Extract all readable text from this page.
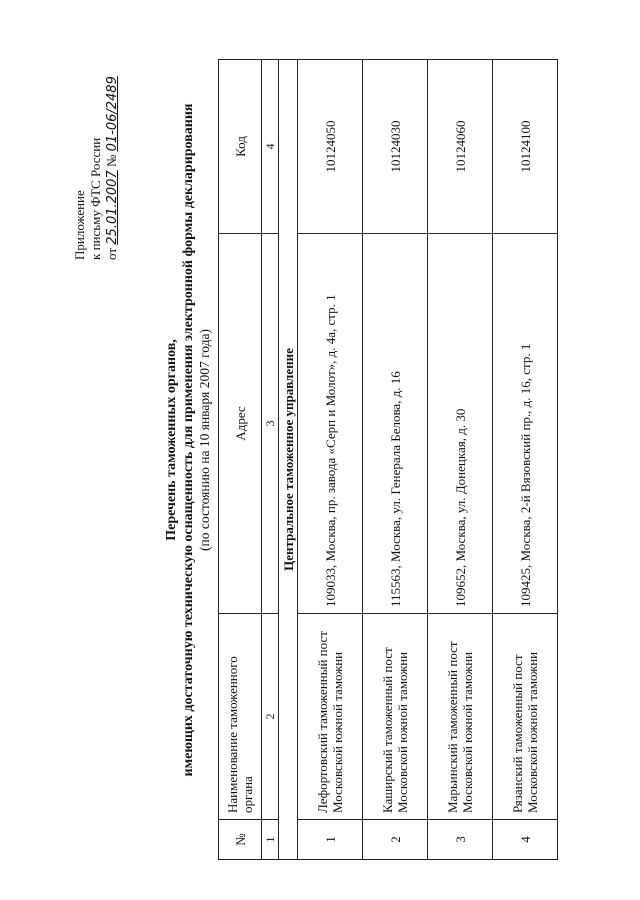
Приложение к письму ФТС России от 25.01.2007 № 01-06/2489
Перечень таможенных органов, имеющих достаточную техническую оснащенность для применения электронной формы декларирования (по состоянию на 10 января 2007 года)
№	Наименование таможенного органа	Адрес	Код
1	2	3	4
Центральное таможенное управление			
1	Лефортовский таможенный пост Московской южной таможни	109033, Москва, пр. завода «Серп и Молот», д. 4а, стр. 1	10124050
2	Каширский таможенный пост Московской южной таможни	115563, Москва, ул. Генерала Белова, д. 16	10124030
3	Марьинский таможенный пост Московской южной таможни	109652, Москва, ул. Донецкая, д. 30	10124060
4	Рязанский таможенный пост Московской южной таможни	109425, Москва, 2-й Вязовский пр., д. 16, стр. 1	10124100
